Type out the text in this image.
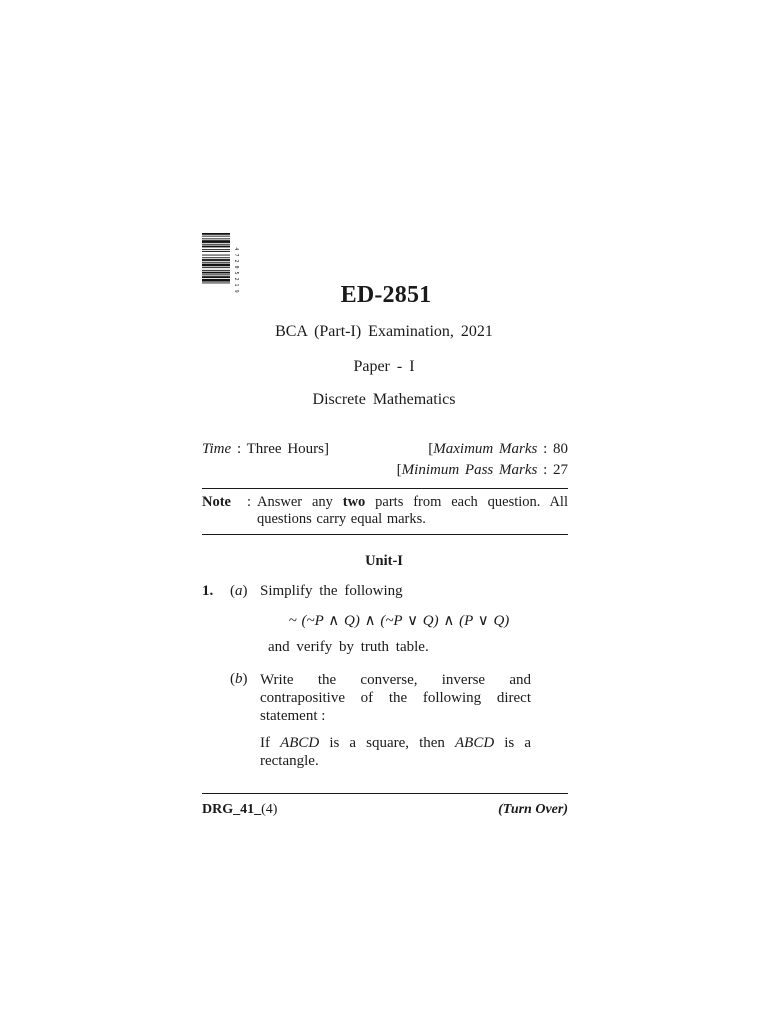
4 7 2 0 5 2 1 9
ED-2851
BCA (Part-I) Examination, 2021
Paper - I
Discrete Mathematics
Time : Three Hours]	[Maximum Marks : 80
[Minimum Pass Marks : 27
Note : Answer any two parts from each question. All questions carry equal marks.
Unit-I
1. (a) Simplify the following
~ (~P ∧ Q) ∧ (~P ∨ Q) ∧ (P ∨ Q)
and verify by truth table.
(b) Write the converse, inverse and contrapositive of the following direct statement :
If ABCD is a square, then ABCD is a rectangle.
DRG_41_(4)	(Turn Over)
